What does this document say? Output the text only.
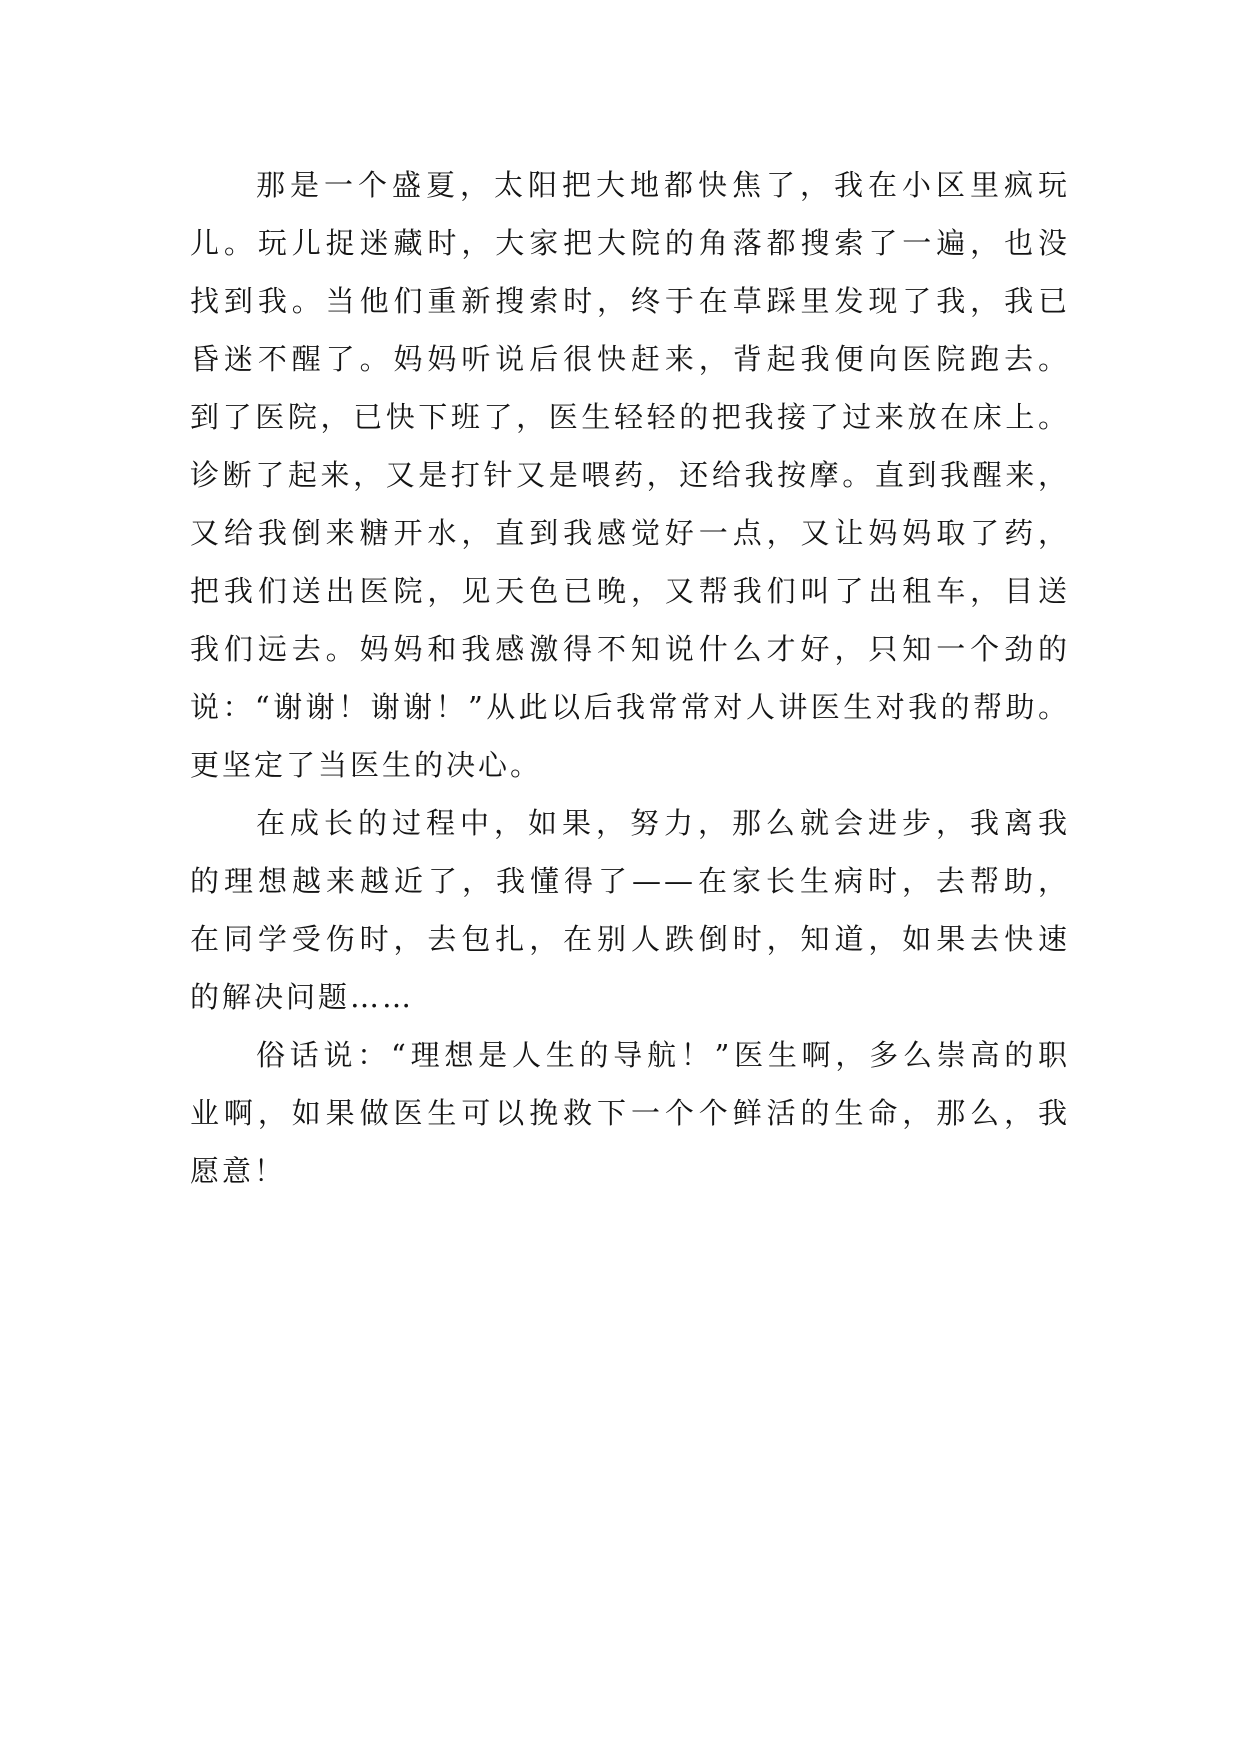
那是一个盛夏，太阳把大地都快焦了，我在小区里疯玩
儿。玩儿捉迷藏时，大家把大院的角落都搜索了一遍，也没
找到我。当他们重新搜索时，终于在草踩里发现了我，我已
昏迷不醒了。妈妈听说后很快赶来，背起我便向医院跑去。
到了医院，已快下班了，医生轻轻的把我接了过来放在床上。
诊断了起来，又是打针又是喂药，还给我按摩。直到我醒来，
又给我倒来糖开水，直到我感觉好一点，又让妈妈取了药，
把我们送出医院，见天色已晚，又帮我们叫了出租车，目送
我们远去。妈妈和我感激得不知说什么才好，只知一个劲的
说：“谢谢！谢谢！”从此以后我常常对人讲医生对我的帮助。
更坚定了当医生的决心。
在成长的过程中，如果，努力，那么就会进步，我离我
的理想越来越近了，我懂得了——在家长生病时，去帮助，
在同学受伤时，去包扎，在别人跌倒时，知道，如果去快速
的解决问题……
俗话说：“理想是人生的导航！”医生啊，多么崇高的职
业啊，如果做医生可以挽救下一个个鲜活的生命，那么，我
愿意！
